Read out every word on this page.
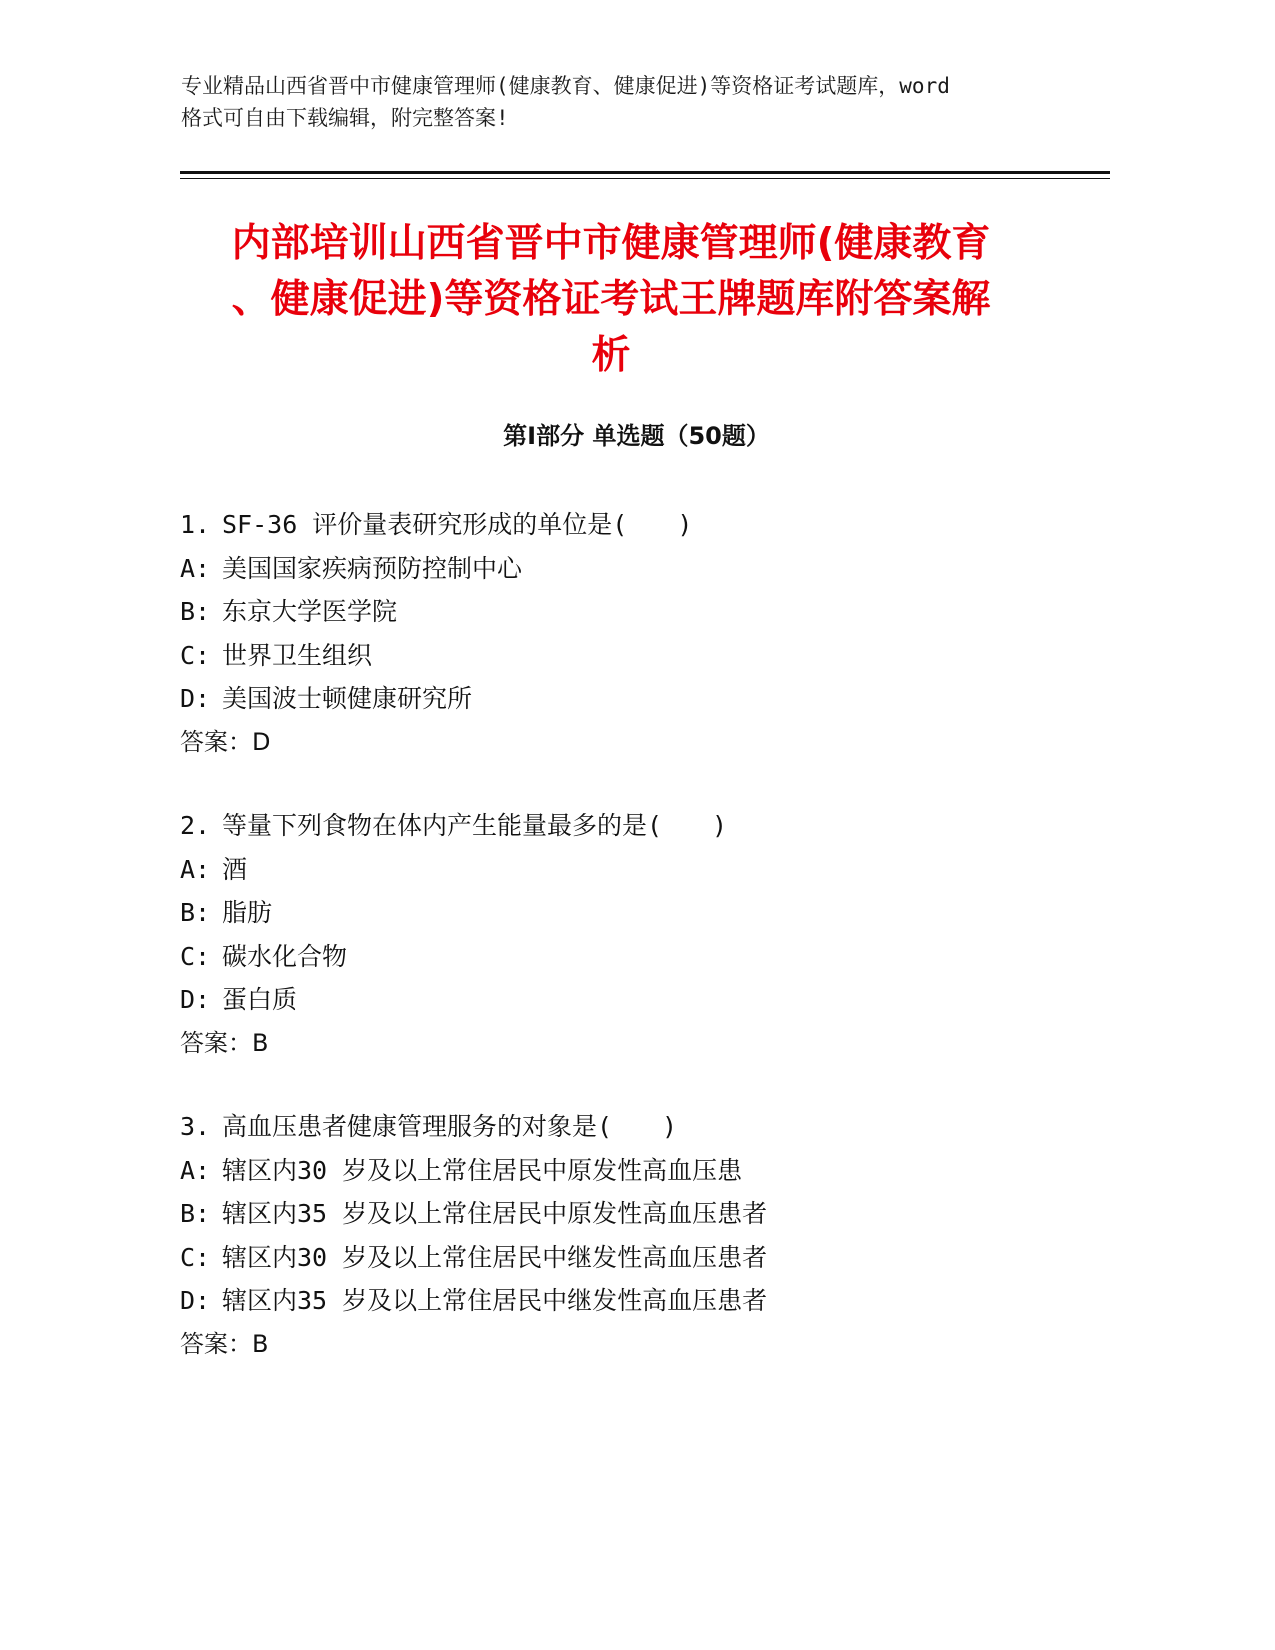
专业精品山西省晋中市健康管理师(健康教育、健康促进)等资格证考试题库，word
格式可自由下载编辑，附完整答案!
内部培训山西省晋中市健康管理师(健康教育
、健康促进)等资格证考试王牌题库附答案解
析
第Ⅰ部分 单选题（50题）
1. SF-36 评价量表研究形成的单位是(　　)
A: 美国国家疾病预防控制中心
B: 东京大学医学院
C: 世界卫生组织
D: 美国波士顿健康研究所
答案：D
2. 等量下列食物在体内产生能量最多的是(　　)
A: 酒
B: 脂肪
C: 碳水化合物
D: 蛋白质
答案：B
3. 高血压患者健康管理服务的对象是(　　)
A: 辖区内30 岁及以上常住居民中原发性高血压患
B: 辖区内35 岁及以上常住居民中原发性高血压患者
C: 辖区内30 岁及以上常住居民中继发性高血压患者
D: 辖区内35 岁及以上常住居民中继发性高血压患者
答案：B
